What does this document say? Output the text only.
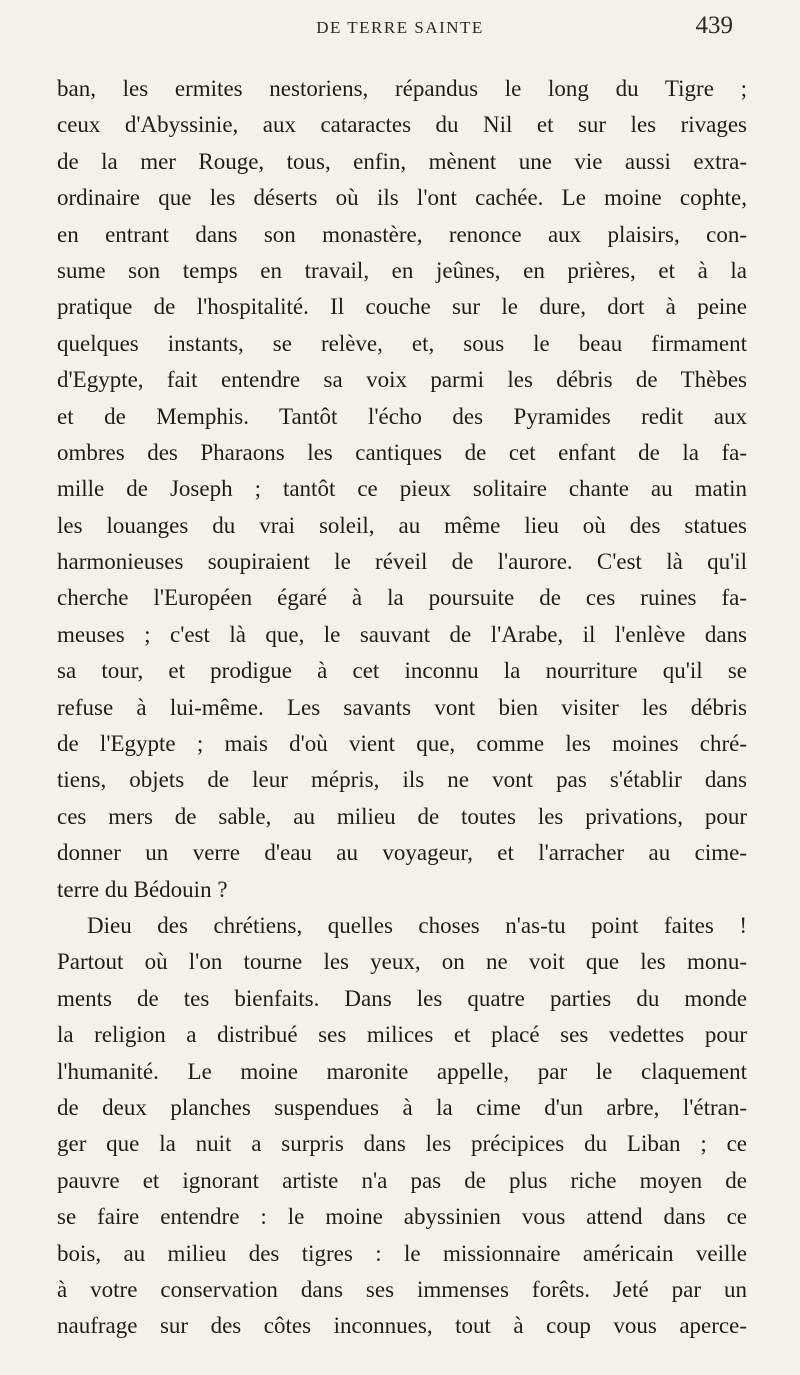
DE TERRE SAINTE	439
ban, les ermites nestoriens, répandus le long du Tigre ;
ceux d'Abyssinie, aux cataractes du Nil et sur les rivages
de la mer Rouge, tous, enfin, mènent une vie aussi extra-
ordinaire que les déserts où ils l'ont cachée. Le moine cophte,
en entrant dans son monastère, renonce aux plaisirs, con-
sume son temps en travail, en jeûnes, en prières, et à la
pratique de l'hospitalité. Il couche sur le dure, dort à peine
quelques instants, se relève, et, sous le beau firmament
d'Egypte, fait entendre sa voix parmi les débris de Thèbes
et de Memphis. Tantôt l'écho des Pyramides redit aux
ombres des Pharaons les cantiques de cet enfant de la fa-
mille de Joseph ; tantôt ce pieux solitaire chante au matin
les louanges du vrai soleil, au même lieu où des statues
harmonieuses soupiraient le réveil de l'aurore. C'est là qu'il
cherche l'Européen égaré à la poursuite de ces ruines fa-
meuses ; c'est là que, le sauvant de l'Arabe, il l'enlève dans
sa tour, et prodigue à cet inconnu la nourriture qu'il se
refuse à lui-même. Les savants vont bien visiter les débris
de l'Egypte ; mais d'où vient que, comme les moines chré-
tiens, objets de leur mépris, ils ne vont pas s'établir dans
ces mers de sable, au milieu de toutes les privations, pour
donner un verre d'eau au voyageur, et l'arracher au cime-
terre du Bédouin ?
Dieu des chrétiens, quelles choses n'as-tu point faites !
Partout où l'on tourne les yeux, on ne voit que les monu-
ments de tes bienfaits. Dans les quatre parties du monde
la religion a distribué ses milices et placé ses vedettes pour
l'humanité. Le moine maronite appelle, par le claquement
de deux planches suspendues à la cime d'un arbre, l'étran-
ger que la nuit a surpris dans les précipices du Liban ; ce
pauvre et ignorant artiste n'a pas de plus riche moyen de
se faire entendre : le moine abyssinien vous attend dans ce
bois, au milieu des tigres : le missionnaire américain veille
à votre conservation dans ses immenses forêts. Jeté par un
naufrage sur des côtes inconnues, tout à coup vous aperce-
